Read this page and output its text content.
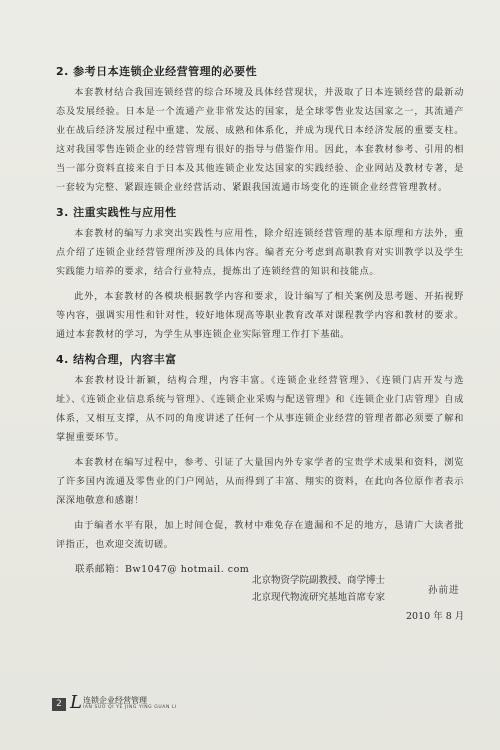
2. 参考日本连锁企业经营管理的必要性

本套教材结合我国连锁经营的综合环境及具体经营现状，并汲取了日本连锁经营的最新动态及发展经验。日本是一个流通产业非常发达的国家，是全球零售业发达国家之一，其流通产业在战后经济发展过程中重建、发展、成熟和体系化，并成为现代日本经济发展的重要支柱。这对我国零售连锁企业的经营管理有很好的指导与借鉴作用。因此，本套教材参考、引用的相当一部分资料直接来自于日本及其他连锁企业发达国家的实践经验、企业网站及教材专著，是一套较为完整、紧跟连锁企业经营活动、紧跟我国流通市场变化的连锁企业经营管理教材。

3. 注重实践性与应用性

本套教材的编写力求突出实践性与应用性，除介绍连锁经营管理的基本原理和方法外，重点介绍了连锁企业经营管理所涉及的具体内容。编者充分考虑到高职教育对实训教学以及学生实践能力培养的要求，结合行业特点，提炼出了连锁经营的知识和技能点。

此外，本套教材的各模块根据教学内容和要求，设计编写了相关案例及思考题、开拓视野等内容，强调实用性和针对性，较好地体现高等职业教育改革对课程教学内容和教材的要求。通过本套教材的学习，为学生从事连锁企业实际管理工作打下基础。

4. 结构合理，内容丰富

本套教材设计新颖，结构合理，内容丰富。《连锁企业经营管理》、《连锁门店开发与选址》、《连锁企业信息系统与管理》、《连锁企业采购与配送管理》和《连锁企业门店管理》自成体系，又相互支撑，从不同的角度讲述了任何一个从事连锁企业经营的管理者都必须要了解和掌握重要环节。

本套教材在编写过程中，参考、引证了大量国内外专家学者的宝贵学术成果和资料，浏览了许多国内流通及零售业的门户网站，从而得到了丰富、翔实的资料，在此向各位原作者表示深深地敬意和感谢！

由于编者水平有限，加上时间仓促，教材中难免存在遗漏和不足的地方，恳请广大读者批评指正，也欢迎交流切磋。

联系邮箱：Bw1047@ hotmail. com
北京物资学院副教授、商学博士
北京现代物流研究基地首席专家
孙前进
2010 年 8 月
2 L 连锁企业经营管理
IAN SUO QI YE JING YING GUAN LI
